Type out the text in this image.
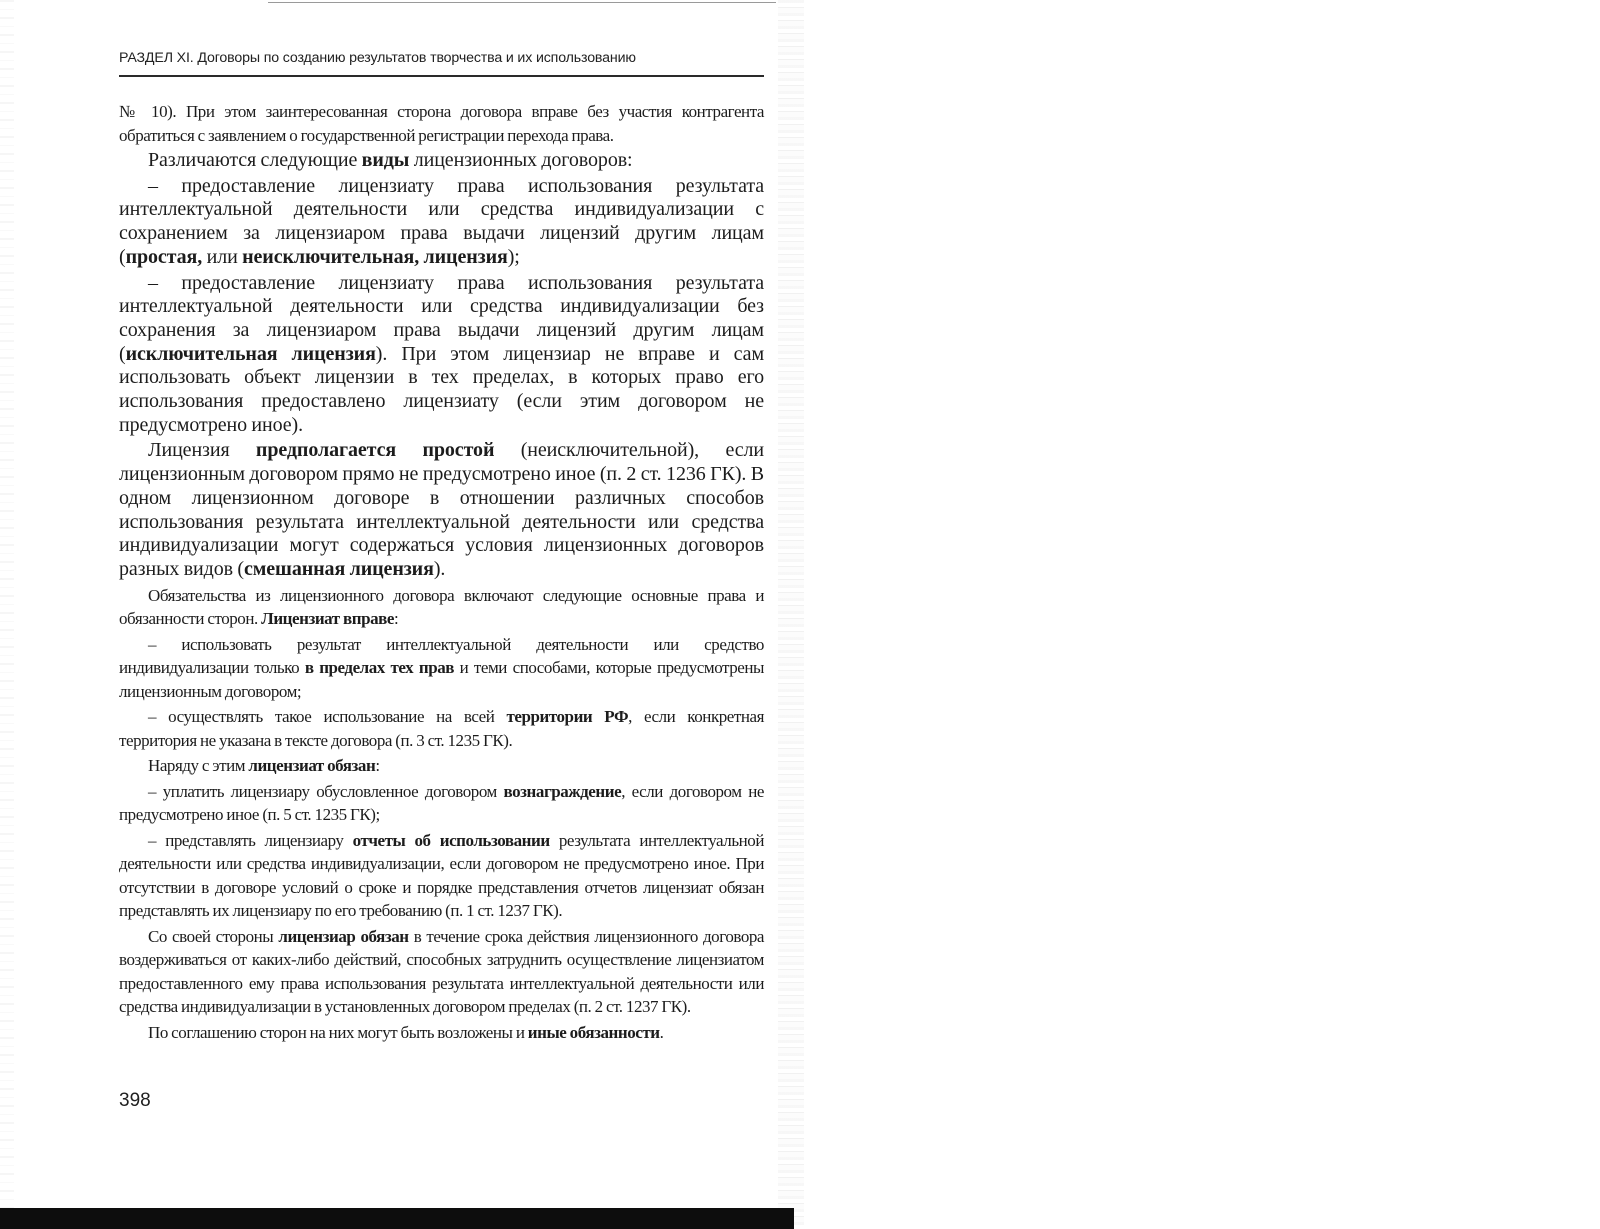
РАЗДЕЛ XI. Договоры по созданию результатов творчества и их использованию

№ 10). При этом заинтересованная сторона договора вправе без участия контрагента обратиться с заявлением о государственной регистрации перехода права.

Различаются следующие виды лицензионных договоров:

– предоставление лицензиату права использования результата интеллектуальной деятельности или средства индивидуализации с сохранением за лицензиаром права выдачи лицензий другим лицам (простая, или неисключительная, лицензия);

– предоставление лицензиату права использования результата интеллектуальной деятельности или средства индивидуализации без сохранения за лицензиаром права выдачи лицензий другим лицам (исключительная лицензия). При этом лицензиар не вправе и сам использовать объект лицензии в тех пределах, в которых право его использования предоставлено лицензиату (если этим договором не предусмотрено иное).

Лицензия предполагается простой (неисключительной), если лицензионным договором прямо не предусмотрено иное (п. 2 ст. 1236 ГК). В одном лицензионном договоре в отношении различных способов использования результата интеллектуальной деятельности или средства индивидуализации могут содержаться условия лицензионных договоров разных видов (смешанная лицензия).

Обязательства из лицензионного договора включают следующие основные права и обязанности сторон. Лицензиат вправе:

– использовать результат интеллектуальной деятельности или средство индивидуализации только в пределах тех прав и теми способами, которые предусмотрены лицензионным договором;

– осуществлять такое использование на всей территории РФ, если конкретная территория не указана в тексте договора (п. 3 ст. 1235 ГК).

Наряду с этим лицензиат обязан:

– уплатить лицензиару обусловленное договором вознаграждение, если договором не предусмотрено иное (п. 5 ст. 1235 ГК);

– представлять лицензиару отчеты об использовании результата интеллектуальной деятельности или средства индивидуализации, если договором не предусмотрено иное. При отсутствии в договоре условий о сроке и порядке представления отчетов лицензиат обязан представлять их лицензиару по его требованию (п. 1 ст. 1237 ГК).

Со своей стороны лицензиар обязан в течение срока действия лицензионного договора воздерживаться от каких-либо действий, способных затруднить осуществление лицензиатом предоставленного ему права использования результата интеллектуальной деятельности или средства индивидуализации в установленных договором пределах (п. 2 ст. 1237 ГК).

По соглашению сторон на них могут быть возложены и иные обязанности.

398
